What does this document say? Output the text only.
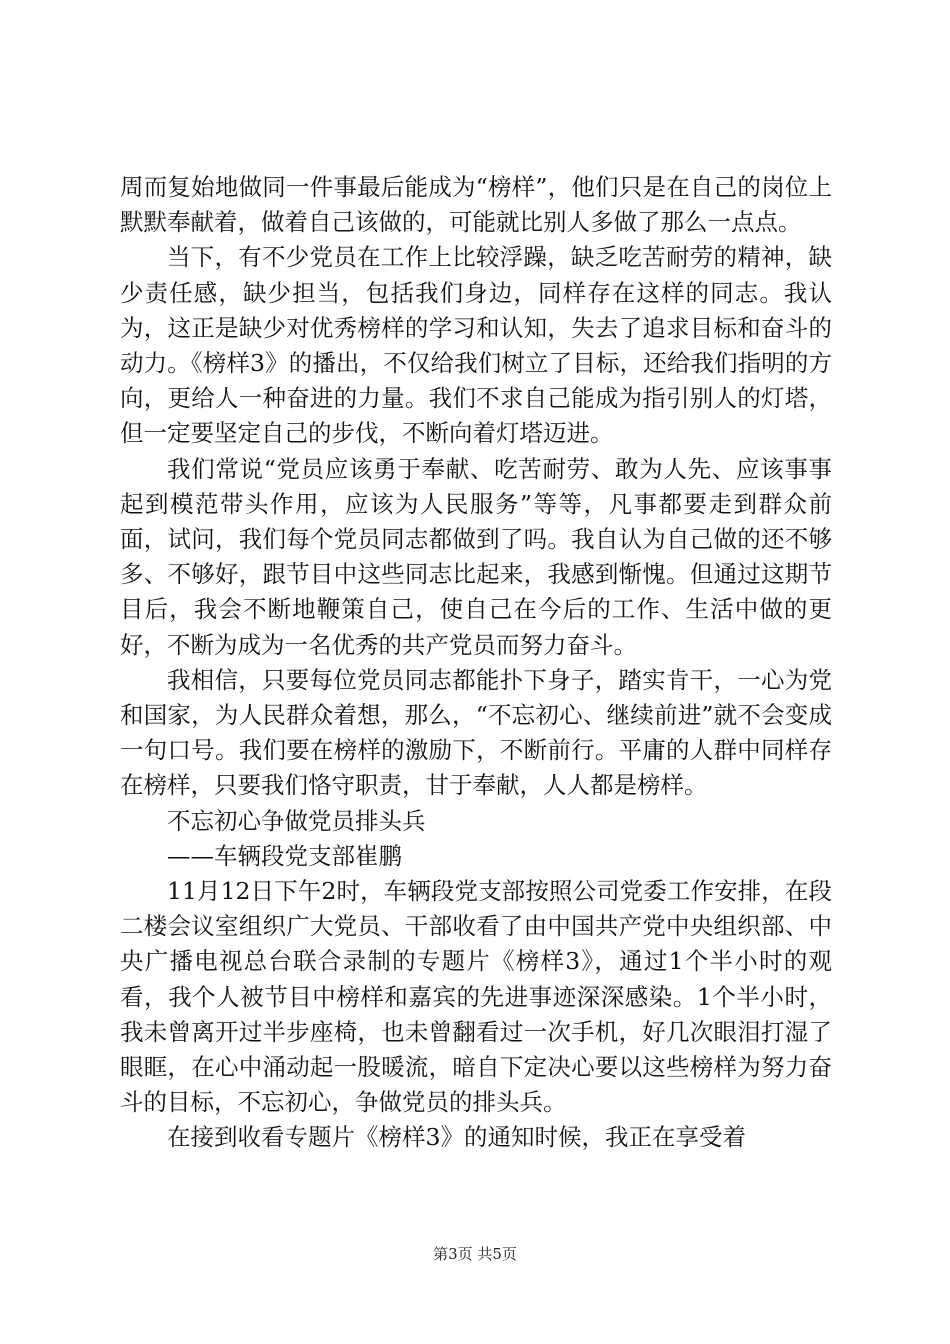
周而复始地做同一件事最后能成为“榜样”，他们只是在自己的岗位上默默奉献着，做着自己该做的，可能就比别人多做了那么一点点。

当下，有不少党员在工作上比较浮躁，缺乏吃苦耐劳的精神，缺少责任感，缺少担当，包括我们身边，同样存在这样的同志。我认为，这正是缺少对优秀榜样的学习和认知，失去了追求目标和奋斗的动力。《榜样3》的播出，不仅给我们树立了目标，还给我们指明的方向，更给人一种奋进的力量。我们不求自己能成为指引别人的灯塔，但一定要坚定自己的步伐，不断向着灯塔迈进。

我们常说“党员应该勇于奉献、吃苦耐劳、敢为人先、应该事事起到模范带头作用，应该为人民服务”等等，凡事都要走到群众前面，试问，我们每个党员同志都做到了吗。我自认为自己做的还不够多、不够好，跟节目中这些同志比起来，我感到惭愧。但通过这期节目后，我会不断地鞭策自己，使自己在今后的工作、生活中做的更好，不断为成为一名优秀的共产党员而努力奋斗。

我相信，只要每位党员同志都能扑下身子，踏实肯干，一心为党和国家，为人民群众着想，那么，“不忘初心、继续前进”就不会变成一句口号。我们要在榜样的激励下，不断前行。平庸的人群中同样存在榜样，只要我们恪守职责，甘于奉献，人人都是榜样。

不忘初心争做党员排头兵

——车辆段党支部崔鹏

11月12日下午2时，车辆段党支部按照公司党委工作安排，在段二楼会议室组织广大党员、干部收看了由中国共产党中央组织部、中央广播电视总台联合录制的专题片《榜样3》，通过1个半小时的观看，我个人被节目中榜样和嘉宾的先进事迹深深感染。1个半小时，我未曾离开过半步座椅，也未曾翻看过一次手机，好几次眼泪打湿了眼眶，在心中涌动起一股暖流，暗自下定决心要以这些榜样为努力奋斗的目标，不忘初心，争做党员的排头兵。

在接到收看专题片《榜样3》的通知时候，我正在享受着

第3页 共5页
